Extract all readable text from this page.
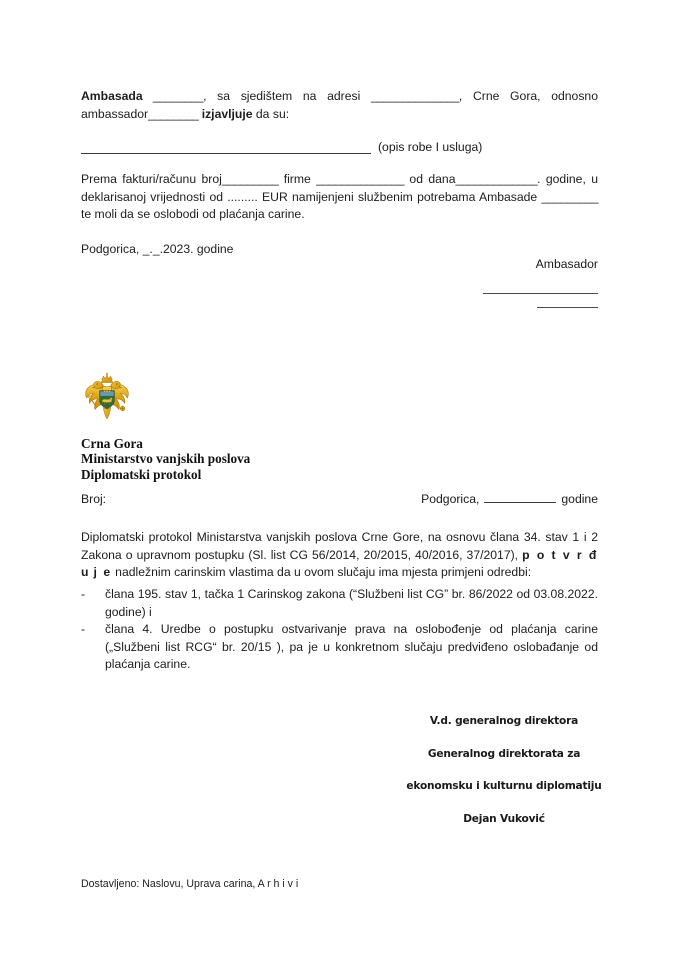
Ambasada ________, sa sjedištem na adresi ______________, Crne Gora, odnosno ambassador________ izjavljuje da su:

(opis robe I usluga)

Prema fakturi/računu broj_________ firme ______________ od dana_____________. godine, u deklarisanoj vrijednosti od ......... EUR namijenjeni službenim potrebama Ambasade _________ te moli da se oslobodi od plaćanja carine.

Podgorica, _._.2023. godine

Ambasador
Crna Gora
Ministarstvo vanjskih poslova
Diplomatski protokol
Broj:	Podgorica,	godine

Diplomatski protokol Ministarstva vanjskih poslova Crne Gore, na osnovu člana 34. stav 1 i 2 Zakona o upravnom postupku (Sl. list CG 56/2014, 20/2015, 40/2016, 37/2017), p o t v r đ u j e nadležnim carinskim vlastima da u ovom slučaju ima mjesta primjeni odredbi:

-	člana 195. stav 1, tačka 1 Carinskog zakona (“Službeni list CG” br. 86/2022 od 03.08.2022. godine) i
-	člana 4. Uredbe o postupku ostvarivanje prava na oslobođenje od plaćanja carine („Službeni list RCG“ br. 20/15 ), pa je u konkretnom slučaju predviđeno oslobađanje od plaćanja carine.
V.d. generalnog direktora
Generalnog direktorata za
ekonomsku i kulturnu diplomatiju
Dejan Vuković
Dostavljeno: Naslovu, Uprava carina, A r h i v i
